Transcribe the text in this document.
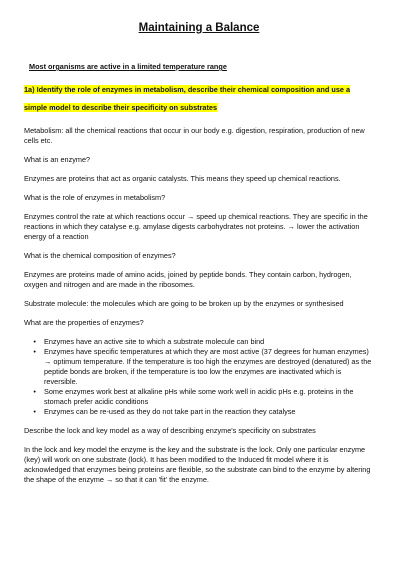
Maintaining a Balance
Most organisms are active in a limited temperature range
1a) Identify the role of enzymes in metabolism, describe their chemical composition and use a simple model to describe their specificity on substrates

Metabolism: all the chemical reactions that occur in our body e.g. digestion, respiration, production of new cells etc.

What is an enzyme?

Enzymes are proteins that act as organic catalysts. This means they speed up chemical reactions.

What is the role of enzymes in metabolism?

Enzymes control the rate at which reactions occur → speed up chemical reactions. They are specific in the reactions in which they catalyse e.g. amylase digests carbohydrates not proteins. → lower the activation energy of a reaction

What is the chemical composition of enzymes?

Enzymes are proteins made of amino acids, joined by peptide bonds. They contain carbon, hydrogen, oxygen and nitrogen and are made in the ribosomes.

Substrate molecule: the molecules which are going to be broken up by the enzymes or synthesised

What are the properties of enzymes?

• Enzymes have an active site to which a substrate molecule can bind
• Enzymes have specific temperatures at which they are most active (37 degrees for human enzymes) → optimum temperature. If the temperature is too high the enzymes are destroyed (denatured) as the peptide bonds are broken, if the temperature is too low the enzymes are inactivated which is reversible.
• Some enzymes work best at alkaline pHs while some work well in acidic pHs e.g. proteins in the stomach prefer acidic conditions
• Enzymes can be re-used as they do not take part in the reaction they catalyse

Describe the lock and key model as a way of describing enzyme's specificity on substrates

In the lock and key model the enzyme is the key and the substrate is the lock. Only one particular enzyme (key) will work on one substrate (lock). It has been modified to the Induced fit model where it is acknowledged that enzymes being proteins are flexible, so the substrate can bind to the enzyme by altering the shape of the enzyme → so that it can 'fit' the enzyme.
